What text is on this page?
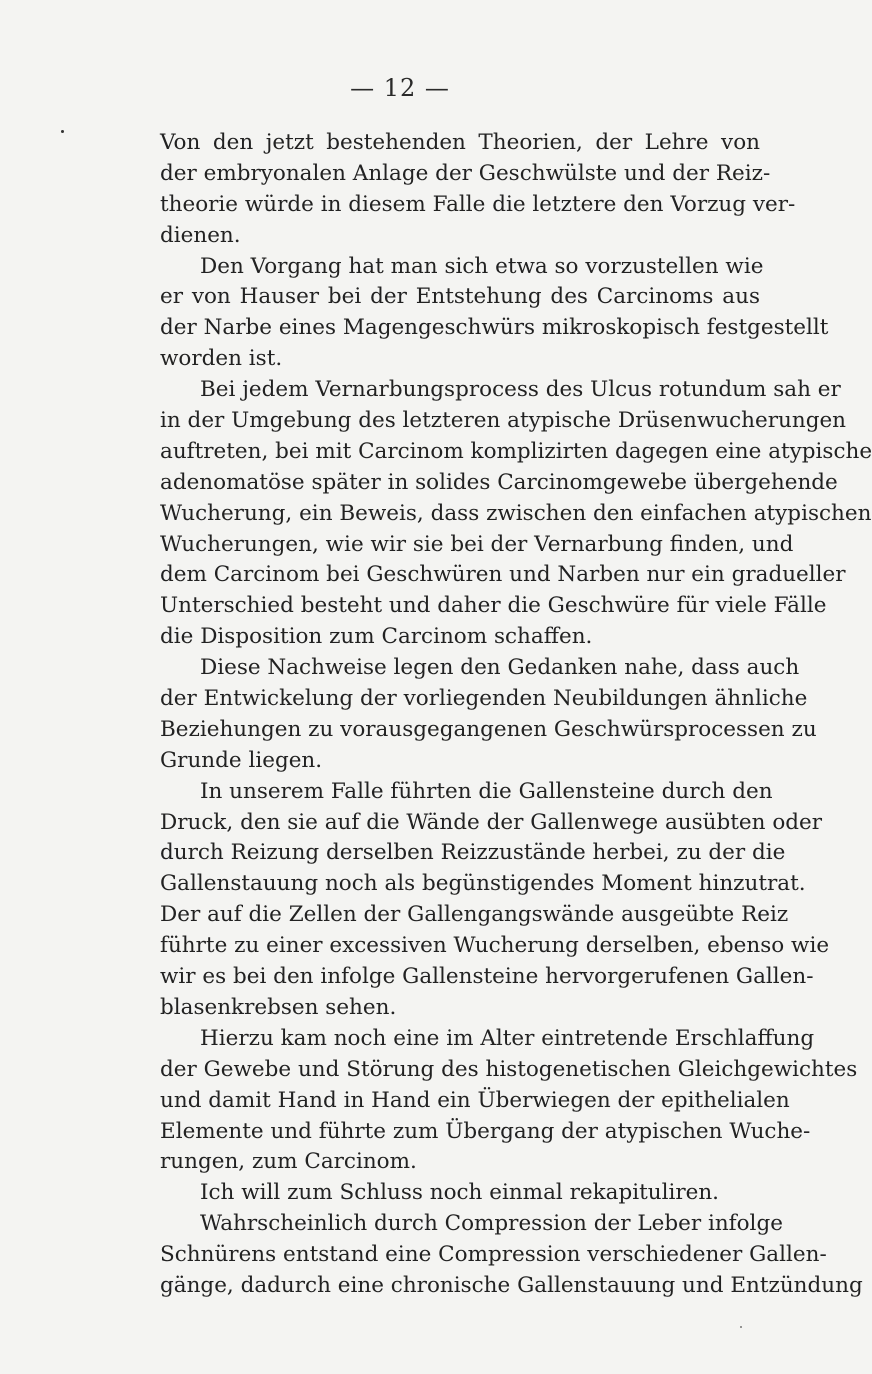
— 12 —
Von den jetzt bestehenden Theorien, der Lehre von
der embryonalen Anlage der Geschwülste und der Reiz-
theorie würde in diesem Falle die letztere den Vorzug ver-
dienen.
Den Vorgang hat man sich etwa so vorzustellen wie
er von Hauser bei der Entstehung des Carcinoms aus
der Narbe eines Magengeschwürs mikroskopisch festgestellt
worden ist.
Bei jedem Vernarbungsprocess des Ulcus rotundum sah er
in der Umgebung des letzteren atypische Drüsenwucherungen
auftreten, bei mit Carcinom komplizirten dagegen eine atypische
adenomatöse später in solides Carcinomgewebe übergehende
Wucherung, ein Beweis, dass zwischen den einfachen atypischen
Wucherungen, wie wir sie bei der Vernarbung finden, und
dem Carcinom bei Geschwüren und Narben nur ein gradueller
Unterschied besteht und daher die Geschwüre für viele Fälle
die Disposition zum Carcinom schaffen.
Diese Nachweise legen den Gedanken nahe, dass auch
der Entwickelung der vorliegenden Neubildungen ähnliche
Beziehungen zu vorausgegangenen Geschwürsprocessen zu
Grunde liegen.
In unserem Falle führten die Gallensteine durch den
Druck, den sie auf die Wände der Gallenwege ausübten oder
durch Reizung derselben Reizzustände herbei, zu der die
Gallenstauung noch als begünstigendes Moment hinzutrat.
Der auf die Zellen der Gallengangswände ausgeübte Reiz
führte zu einer excessiven Wucherung derselben, ebenso wie
wir es bei den infolge Gallensteine hervorgerufenen Gallen-
blasenkrebsen sehen.
Hierzu kam noch eine im Alter eintretende Erschlaffung
der Gewebe und Störung des histogenetischen Gleichgewichtes
und damit Hand in Hand ein Überwiegen der epithelialen
Elemente und führte zum Übergang der atypischen Wuche-
rungen, zum Carcinom.
Ich will zum Schluss noch einmal rekapituliren.
Wahrscheinlich durch Compression der Leber infolge
Schnürens entstand eine Compression verschiedener Gallen-
gänge, dadurch eine chronische Gallenstauung und Entzündung
